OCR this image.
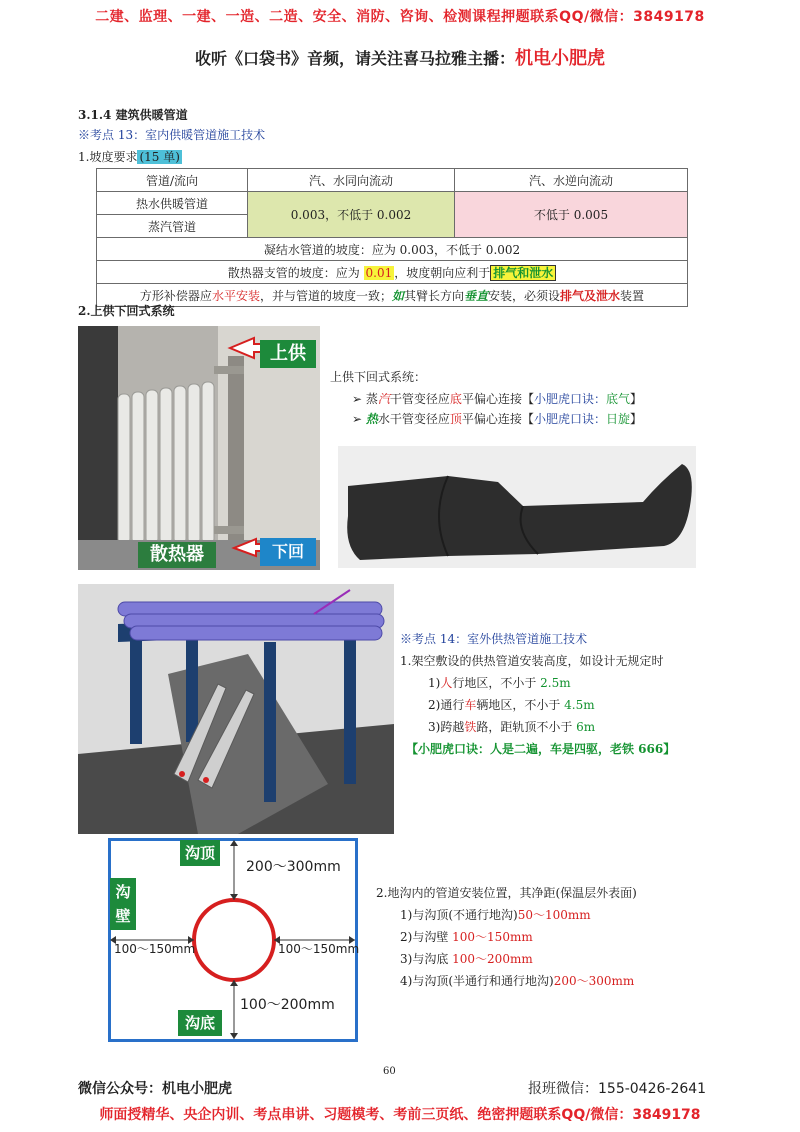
二建、监理、一建、一造、二造、安全、消防、咨询、检测课程押题联系QQ/微信：3849178
收听《口袋书》音频，请关注喜马拉雅主播：机电小肥虎
3.1.4 建筑供暖管道
※考点 13：室内供暖管道施工技术
1.坡度要求 (15 单)
管道/流向	汽、水同向流动	汽、水逆向流动
热水供暖管道	0.003，不低于 0.002	不低于 0.005
蒸汽管道		
凝结水管道的坡度：应为 0.003，不低于 0.002		
散热器支管的坡度：应为 0.01 ，坡度朝向应利于 排气和泄水		
方形补偿器应水平安装，并与管道的坡度一致；如其臂长方向垂直安装，必须设排气及泄水装置		
2.上供下回式系统
上供
下回
散热器
上供下回式系统：
➢ 蒸汽干管变径应底平偏心连接【小肥虎口诀：底气】
➢ 热水干管变径应顶平偏心连接【小肥虎口诀：日旋】
※考点 14：室外供热管道施工技术
1.架空敷设的供热管道安装高度，如设计无规定时
1)人行地区，不小于 2.5m
2)通行车辆地区，不小于 4.5m
3)跨越铁路，距轨顶不小于 6m
【小肥虎口诀：人是二遍，车是四驱，老铁 666】
沟顶
沟壁
沟底
200～300mm
100～150mm	100～150mm
100～200mm
2.地沟内的管道安装位置，其净距(保温层外表面)
1)与沟顶(不通行地沟)50～100mm
2)与沟壁 100～150mm
3)与沟底 100～200mm
4)与沟顶(半通行和通行地沟)200～300mm
60
微信公众号：机电小肥虎	报班微信：155-0426-2641
师面授精华、央企内训、考点串讲、习题模考、考前三页纸、绝密押题联系QQ/微信：3849178
